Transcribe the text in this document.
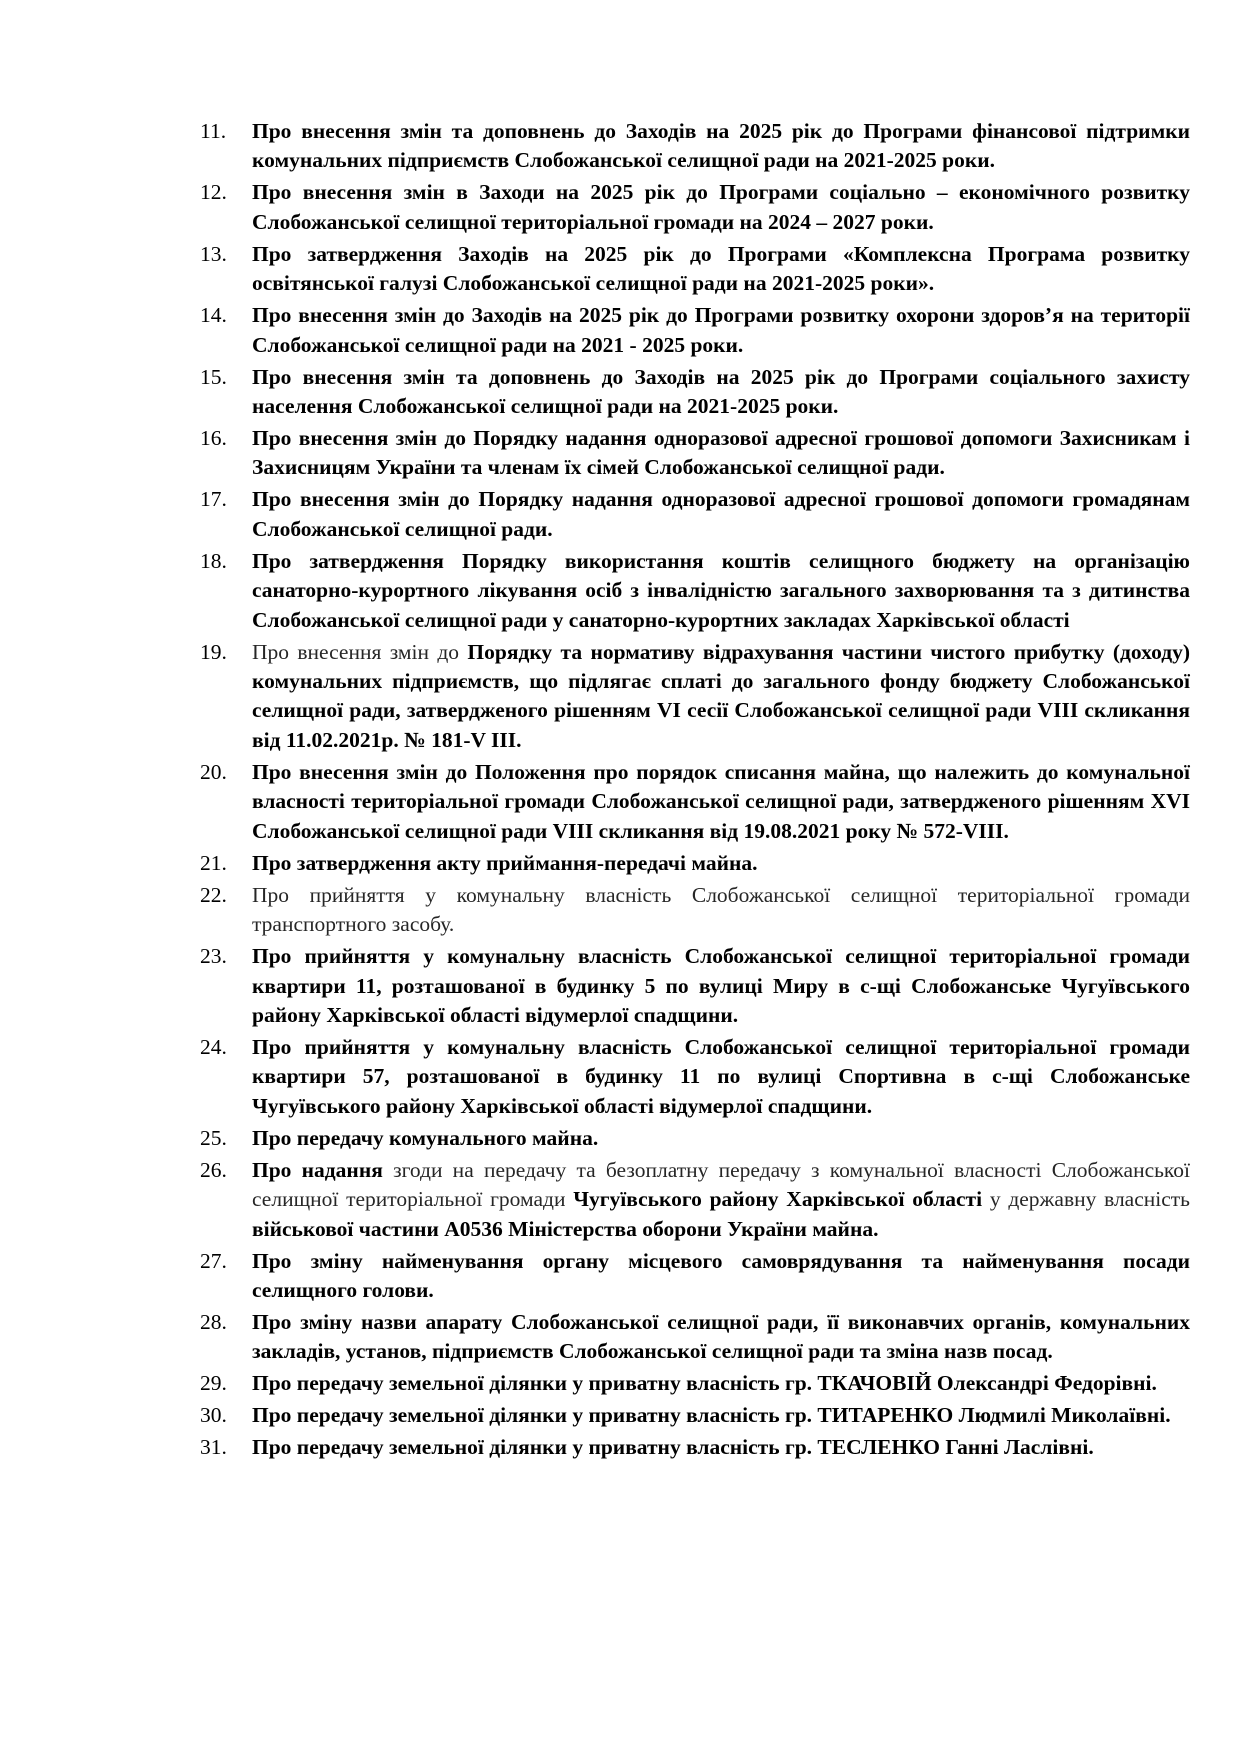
11.	Про внесення змін та доповнень до Заходів на 2025 рік до Програми фінансової підтримки комунальних підприємств Слобожанської селищної ради на 2021-2025 роки.
12.	Про внесення змін в Заходи на 2025 рік до Програми соціально – економічного розвитку Слобожанської селищної територіальної громади на 2024 – 2027 роки.
13.	Про затвердження Заходів на 2025 рік до Програми «Комплексна Програма розвитку освітянської галузі Слобожанської селищної ради на 2021-2025 роки».
14.	Про внесення змін до Заходів на 2025 рік до Програми розвитку охорони здоров’я на території Слобожанської селищної ради на 2021 - 2025 роки.
15.	Про внесення змін та доповнень до Заходів на 2025 рік до Програми соціального захисту населення Слобожанської селищної ради на 2021-2025 роки.
16.	Про внесення змін до Порядку надання одноразової адресної грошової допомоги Захисникам і Захисницям України та членам їх сімей Слобожанської селищної ради.
17.	Про внесення змін до Порядку надання одноразової адресної грошової допомоги громадянам Слобожанської селищної ради.
18.	Про затвердження Порядку використання коштів селищного бюджету на організацію санаторно-курортного лікування осіб з інвалідністю загального захворювання та з дитинства Слобожанської селищної ради у санаторно-курортних закладах Харківської області
19.	Про внесення змін до Порядку та нормативу відрахування частини чистого прибутку (доходу) комунальних підприємств, що підлягає сплаті до загального фонду бюджету Слобожанської селищної ради, затвердженого рішенням VI сесії Слобожанської селищної ради VIII скликання від 11.02.2021р. № 181-V ІІІ.
20.	Про внесення змін до Положення про порядок списання майна, що належить до комунальної власності територіальної громади Слобожанської селищної ради, затвердженого рішенням XVІ Слобожанської селищної ради VIІІ скликання від 19.08.2021 року № 572-VIII.
21.	Про затвердження акту приймання-передачі майна.
22.	Про прийняття у комунальну власність Слобожанської селищної територіальної громади транспортного засобу.
23.	Про прийняття у комунальну власність Слобожанської селищної територіальної громади квартири 11, розташованої в будинку 5 по вулиці Миру в с-щі Слобожанське Чугуївського району Харківської області відумерлої спадщини.
24.	Про прийняття у комунальну власність Слобожанської селищної територіальної громади квартири 57, розташованої в будинку 11 по вулиці Спортивна в с-щі Слобожанське Чугуївського району Харківської області відумерлої спадщини.
25.	Про передачу комунального майна.
26.	Про надання згоди на передачу та безоплатну передачу з комунальної власності Слобожанської селищної територіальної громади Чугуївського району Харківської області у державну власність військової частини А0536 Міністерства оборони України майна.
27.	Про зміну найменування органу місцевого самоврядування та найменування посади селищного голови.
28.	Про зміну назви апарату Слобожанської селищної ради, її виконавчих органів, комунальних закладів, установ, підприємств Слобожанської селищної ради та зміна назв посад.
29.	Про передачу земельної ділянки у приватну власність гр. ТКАЧОВІЙ Олександрі Федорівні.
30.	Про передачу земельної ділянки у приватну власність гр. ТИТАРЕНКО Людмилі Миколаївні.
31.	Про передачу земельної ділянки у приватну власність гр. ТЕСЛЕНКО Ганні Ласлівні.
